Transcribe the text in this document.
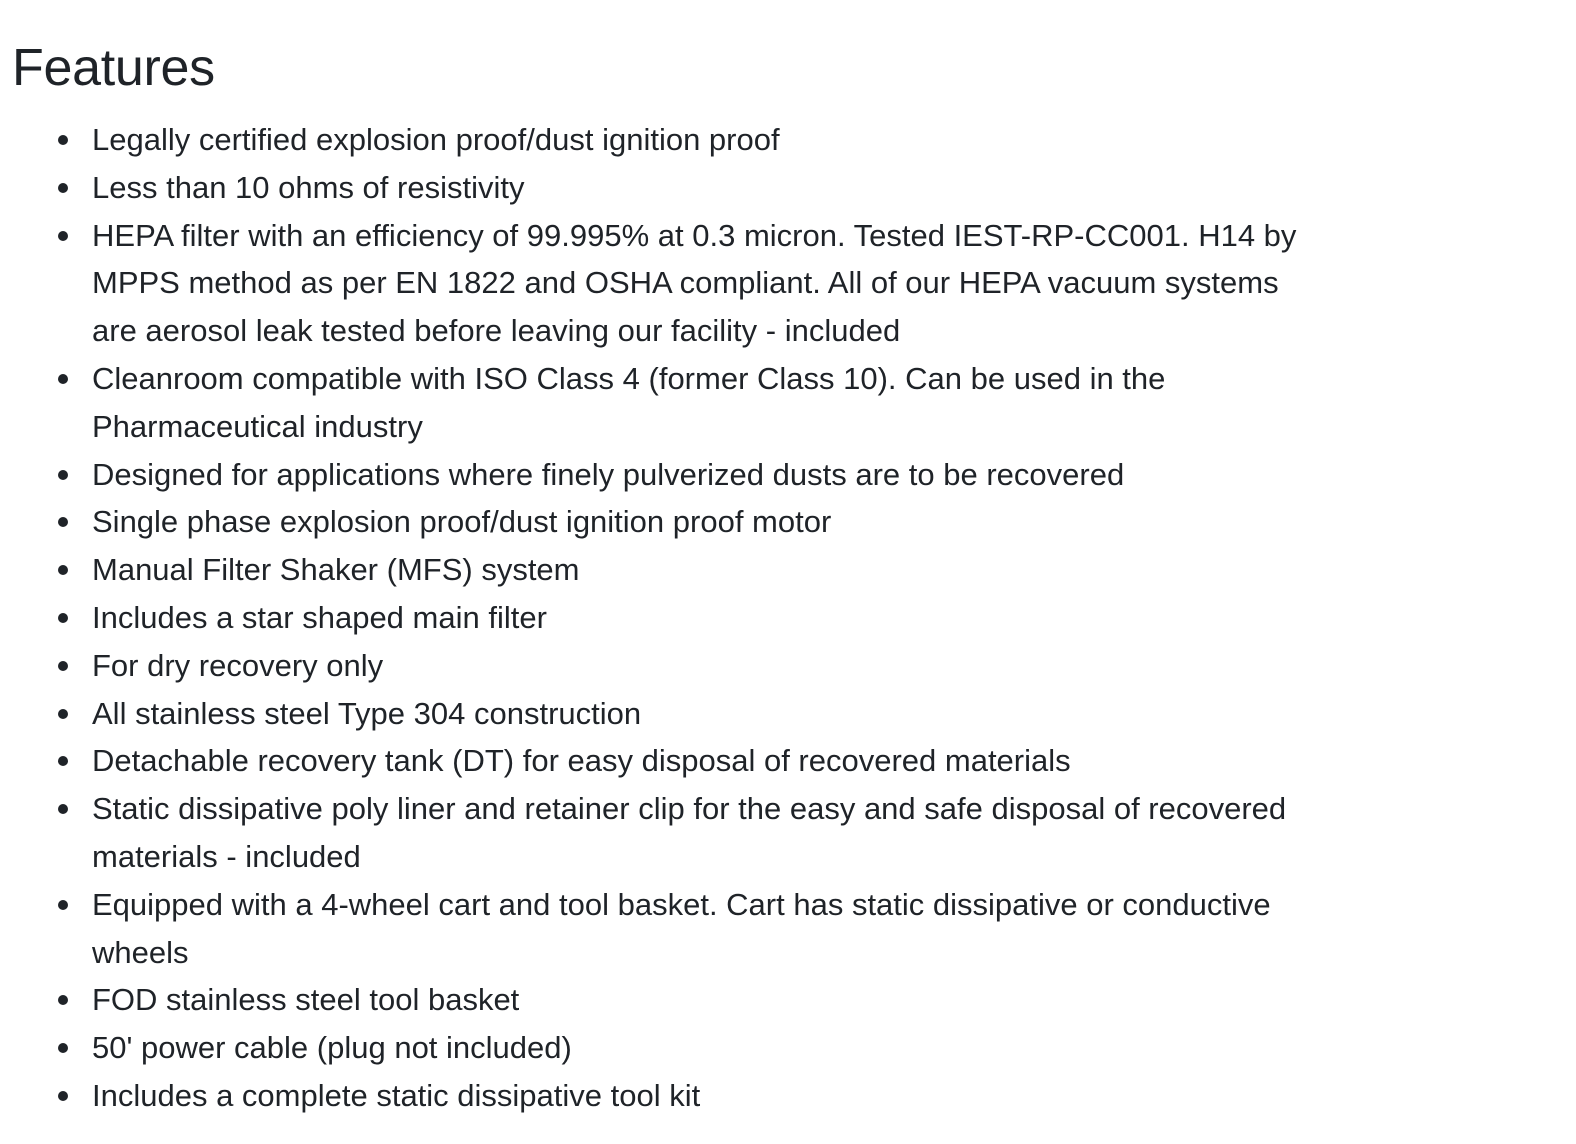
Features
Legally certified explosion proof/dust ignition proof
Less than 10 ohms of resistivity
HEPA filter with an efficiency of 99.995% at 0.3 micron. Tested IEST-RP-CC001. H14 by MPPS method as per EN 1822 and OSHA compliant. All of our HEPA vacuum systems are aerosol leak tested before leaving our facility - included
Cleanroom compatible with ISO Class 4 (former Class 10). Can be used in the Pharmaceutical industry
Designed for applications where finely pulverized dusts are to be recovered
Single phase explosion proof/dust ignition proof motor
Manual Filter Shaker (MFS) system
Includes a star shaped main filter
For dry recovery only
All stainless steel Type 304 construction
Detachable recovery tank (DT) for easy disposal of recovered materials
Static dissipative poly liner and retainer clip for the easy and safe disposal of recovered materials - included
Equipped with a 4-wheel cart and tool basket. Cart has static dissipative or conductive wheels
FOD stainless steel tool basket
50' power cable (plug not included)
Includes a complete static dissipative tool kit
